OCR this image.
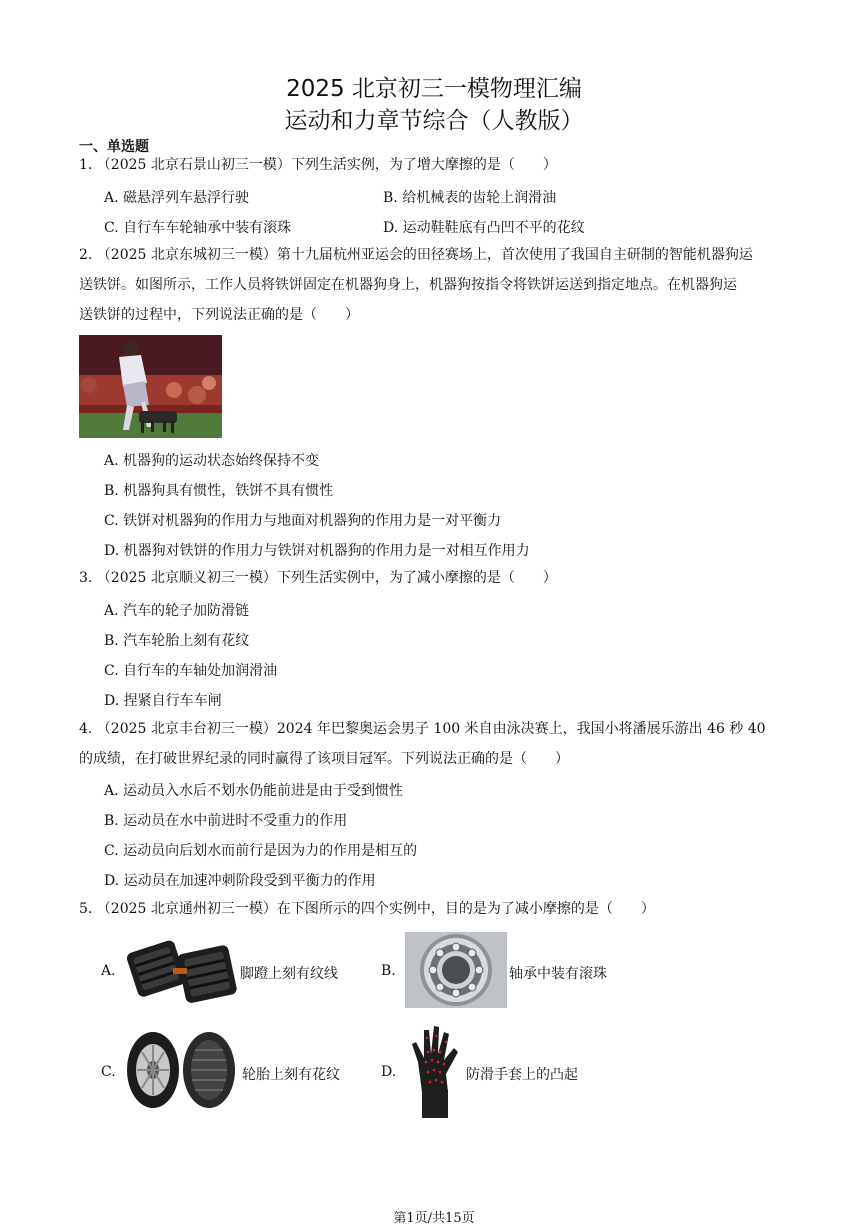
2025 北京初三一模物理汇编
运动和力章节综合（人教版）
一、单选题
1. （2025 北京石景山初三一模）下列生活实例，为了增大摩擦的是（　　）
A. 磁悬浮列车悬浮行驶	B. 给机械表的齿轮上润滑油
C. 自行车车轮轴承中装有滚珠	D. 运动鞋鞋底有凸凹不平的花纹
2. （2025 北京东城初三一模）第十九届杭州亚运会的田径赛场上，首次使用了我国自主研制的智能机器狗运
送铁饼。如图所示，工作人员将铁饼固定在机器狗身上，机器狗按指令将铁饼运送到指定地点。在机器狗运
送铁饼的过程中，下列说法正确的是（　　）
A. 机器狗的运动状态始终保持不变
B. 机器狗具有惯性，铁饼不具有惯性
C. 铁饼对机器狗的作用力与地面对机器狗的作用力是一对平衡力
D. 机器狗对铁饼的作用力与铁饼对机器狗的作用力是一对相互作用力
3. （2025 北京顺义初三一模）下列生活实例中，为了减小摩擦的是（　　）
A. 汽车的轮子加防滑链
B. 汽车轮胎上刻有花纹
C. 自行车的车轴处加润滑油
D. 捏紧自行车车闸
4. （2025 北京丰台初三一模）2024 年巴黎奥运会男子 100 米自由泳决赛上，我国小将潘展乐游出 46 秒 40
的成绩，在打破世界纪录的同时赢得了该项目冠军。下列说法正确的是（　　）
A. 运动员入水后不划水仍能前进是由于受到惯性
B. 运动员在水中前进时不受重力的作用
C. 运动员向后划水而前行是因为力的作用是相互的
D. 运动员在加速冲刺阶段受到平衡力的作用
5. （2025 北京通州初三一模）在下图所示的四个实例中，目的是为了减小摩擦的是（　　）
A.	脚蹬上刻有纹线	B.	轴承中装有滚珠
C.	轮胎上刻有花纹	D.	防滑手套上的凸起
第1页/共15页
